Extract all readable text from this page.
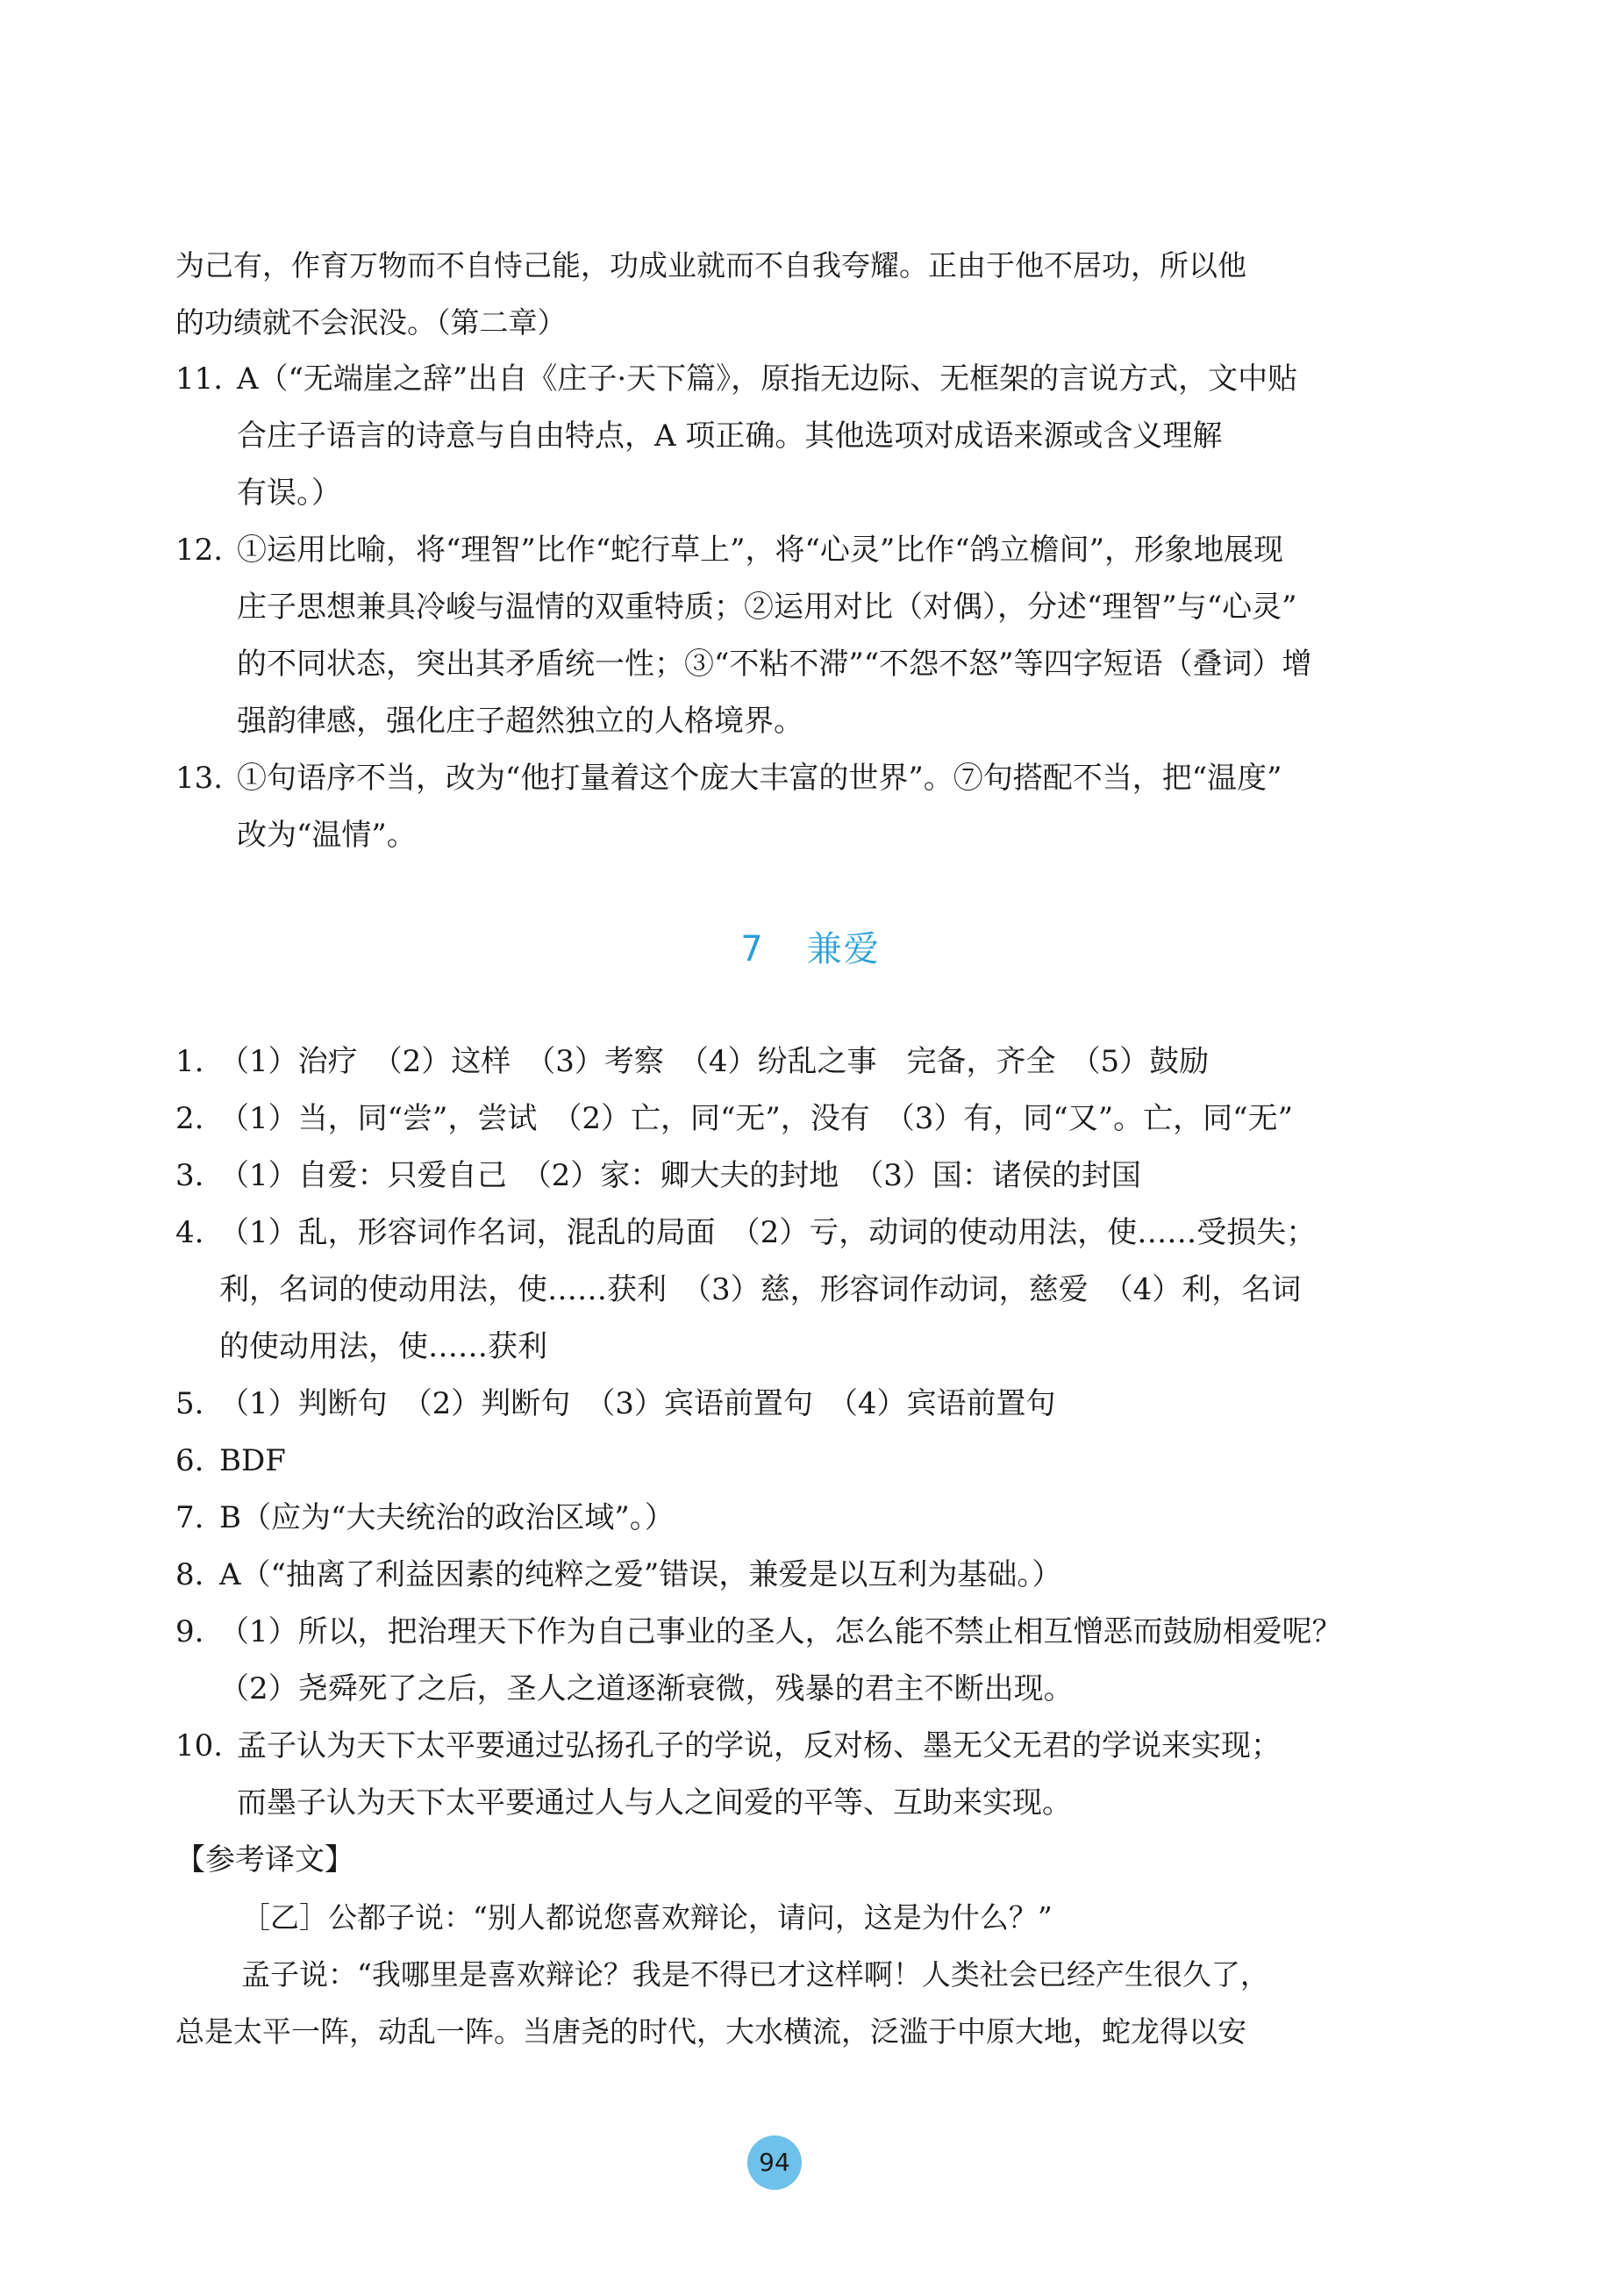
为己有，作育万物而不自恃己能，功成业就而不自我夸耀。正由于他不居功，所以他
的功绩就不会泯没。（第二章）
11. A（“无端崖之辞”出自《庄子·天下篇》，原指无边际、无框架的言说方式，文中贴
合庄子语言的诗意与自由特点，A 项正确。其他选项对成语来源或含义理解
有误。）
12. ①运用比喻，将“理智”比作“蛇行草上”，将“心灵”比作“鸽立檐间”，形象地展现
庄子思想兼具冷峻与温情的双重特质；②运用对比（对偶），分述“理智”与“心灵”
的不同状态，突出其矛盾统一性；③“不粘不滞”“不怨不怒”等四字短语（叠词）增
强韵律感，强化庄子超然独立的人格境界。
13. ①句语序不当，改为“他打量着这个庞大丰富的世界”。⑦句搭配不当，把“温度”
改为“温情”。
7 兼爱
1. （1）治疗　（2）这样　（3）考察　（4）纷乱之事　完备，齐全　（5）鼓励
2. （1）当，同“尝”，尝试　（2）亡，同“无”，没有　（3）有，同“又”。亡，同“无”
3. （1）自爱：只爱自己　（2）家：卿大夫的封地　（3）国：诸侯的封国
4. （1）乱，形容词作名词，混乱的局面　（2）亏，动词的使动用法，使……受损失；
利，名词的使动用法，使……获利　（3）慈，形容词作动词，慈爱　（4）利，名词
的使动用法，使……获利
5. （1）判断句　（2）判断句　（3）宾语前置句　（4）宾语前置句
6. BDF
7. B（应为“大夫统治的政治区域”。）
8. A（“抽离了利益因素的纯粹之爱”错误，兼爱是以互利为基础。）
9. （1）所以，把治理天下作为自己事业的圣人，怎么能不禁止相互憎恶而鼓励相爱呢？
（2）尧舜死了之后，圣人之道逐渐衰微，残暴的君主不断出现。
10. 孟子认为天下太平要通过弘扬孔子的学说，反对杨、墨无父无君的学说来实现；
而墨子认为天下太平要通过人与人之间爱的平等、互助来实现。
【参考译文】
［乙］公都子说：“别人都说您喜欢辩论，请问，这是为什么？”
孟子说：“我哪里是喜欢辩论？我是不得已才这样啊！人类社会已经产生很久了，
总是太平一阵，动乱一阵。当唐尧的时代，大水横流，泛滥于中原大地，蛇龙得以安
94
